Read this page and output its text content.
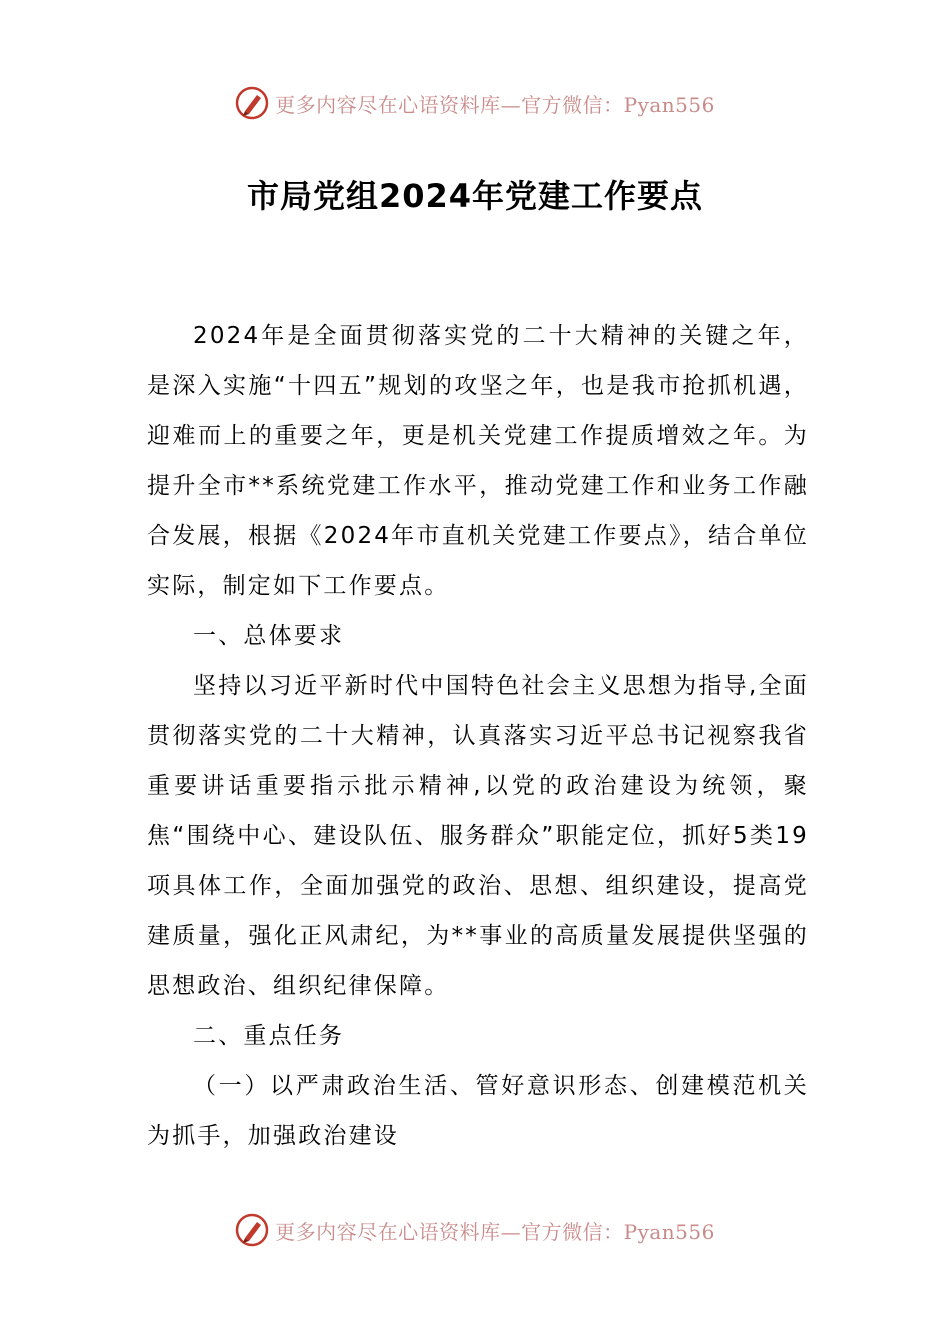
更多内容尽在心语资料库—官方微信：Pyan556
市局党组2024年党建工作要点

2024年是全面贯彻落实党的二十大精神的关键之年，是深入实施“十四五”规划的攻坚之年，也是我市抢抓机遇，迎难而上的重要之年，更是机关党建工作提质增效之年。为提升全市**系统党建工作水平，推动党建工作和业务工作融合发展，根据《2024年市直机关党建工作要点》，结合单位实际，制定如下工作要点。

一、总体要求

坚持以习近平新时代中国特色社会主义思想为指导,全面贯彻落实党的二十大精神，认真落实习近平总书记视察我省重要讲话重要指示批示精神,以党的政治建设为统领，聚焦“围绕中心、建设队伍、服务群众”职能定位，抓好5类19项具体工作，全面加强党的政治、思想、组织建设，提高党建质量，强化正风肃纪，为**事业的高质量发展提供坚强的思想政治、组织纪律保障。

二、重点任务

（一）以严肃政治生活、管好意识形态、创建模范机关为抓手，加强政治建设

更多内容尽在心语资料库—官方微信：Pyan556
